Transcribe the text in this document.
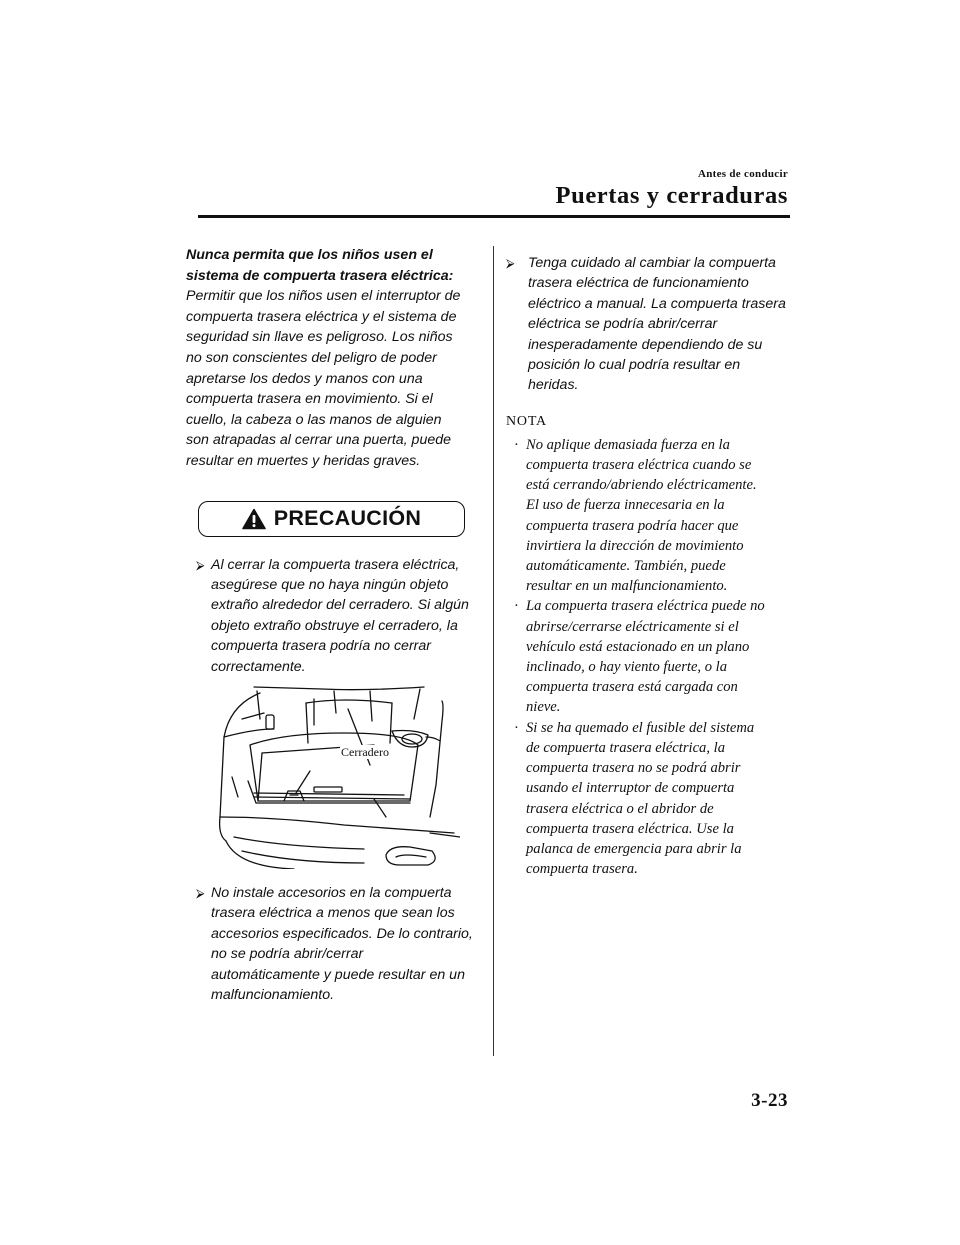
Antes de conducir
Puertas y cerraduras

Nunca permita que los niños usen el
sistema de compuerta trasera eléctrica:
Permitir que los niños usen el interruptor de
compuerta trasera eléctrica y el sistema de
seguridad sin llave es peligroso. Los niños
no son conscientes del peligro de poder
apretarse los dedos y manos con una
compuerta trasera en movimiento. Si el
cuello, la cabeza o las manos de alguien
son atrapadas al cerrar una puerta, puede
resultar en muertes y heridas graves.

PRECAUCIÓN
⮚ Al cerrar la compuerta trasera eléctrica,
asegúrese que no haya ningún objeto
extraño alrededor del cerradero. Si algún
objeto extraño obstruye el cerradero, la
compuerta trasera podría no cerrar
correctamente.
Cerradero
⮚ No instale accesorios en la compuerta
trasera eléctrica a menos que sean los
accesorios especificados. De lo contrario,
no se podría abrir/cerrar
automáticamente y puede resultar en un
malfuncionamiento.
⮚ Tenga cuidado al cambiar la compuerta
trasera eléctrica de funcionamiento
eléctrico a manual. La compuerta trasera
eléctrica se podría abrir/cerrar
inesperadamente dependiendo de su
posición lo cual podría resultar en
heridas.
NOTA
· No aplique demasiada fuerza en la
compuerta trasera eléctrica cuando se
está cerrando/abriendo eléctricamente.
El uso de fuerza innecesaria en la
compuerta trasera podría hacer que
invirtiera la dirección de movimiento
automáticamente. También, puede
resultar en un malfuncionamiento.
· La compuerta trasera eléctrica puede no
abrirse/cerrarse eléctricamente si el
vehículo está estacionado en un plano
inclinado, o hay viento fuerte, o la
compuerta trasera está cargada con
nieve.
· Si se ha quemado el fusible del sistema
de compuerta trasera eléctrica, la
compuerta trasera no se podrá abrir
usando el interruptor de compuerta
trasera eléctrica o el abridor de
compuerta trasera eléctrica. Use la
palanca de emergencia para abrir la
compuerta trasera.
3-23
